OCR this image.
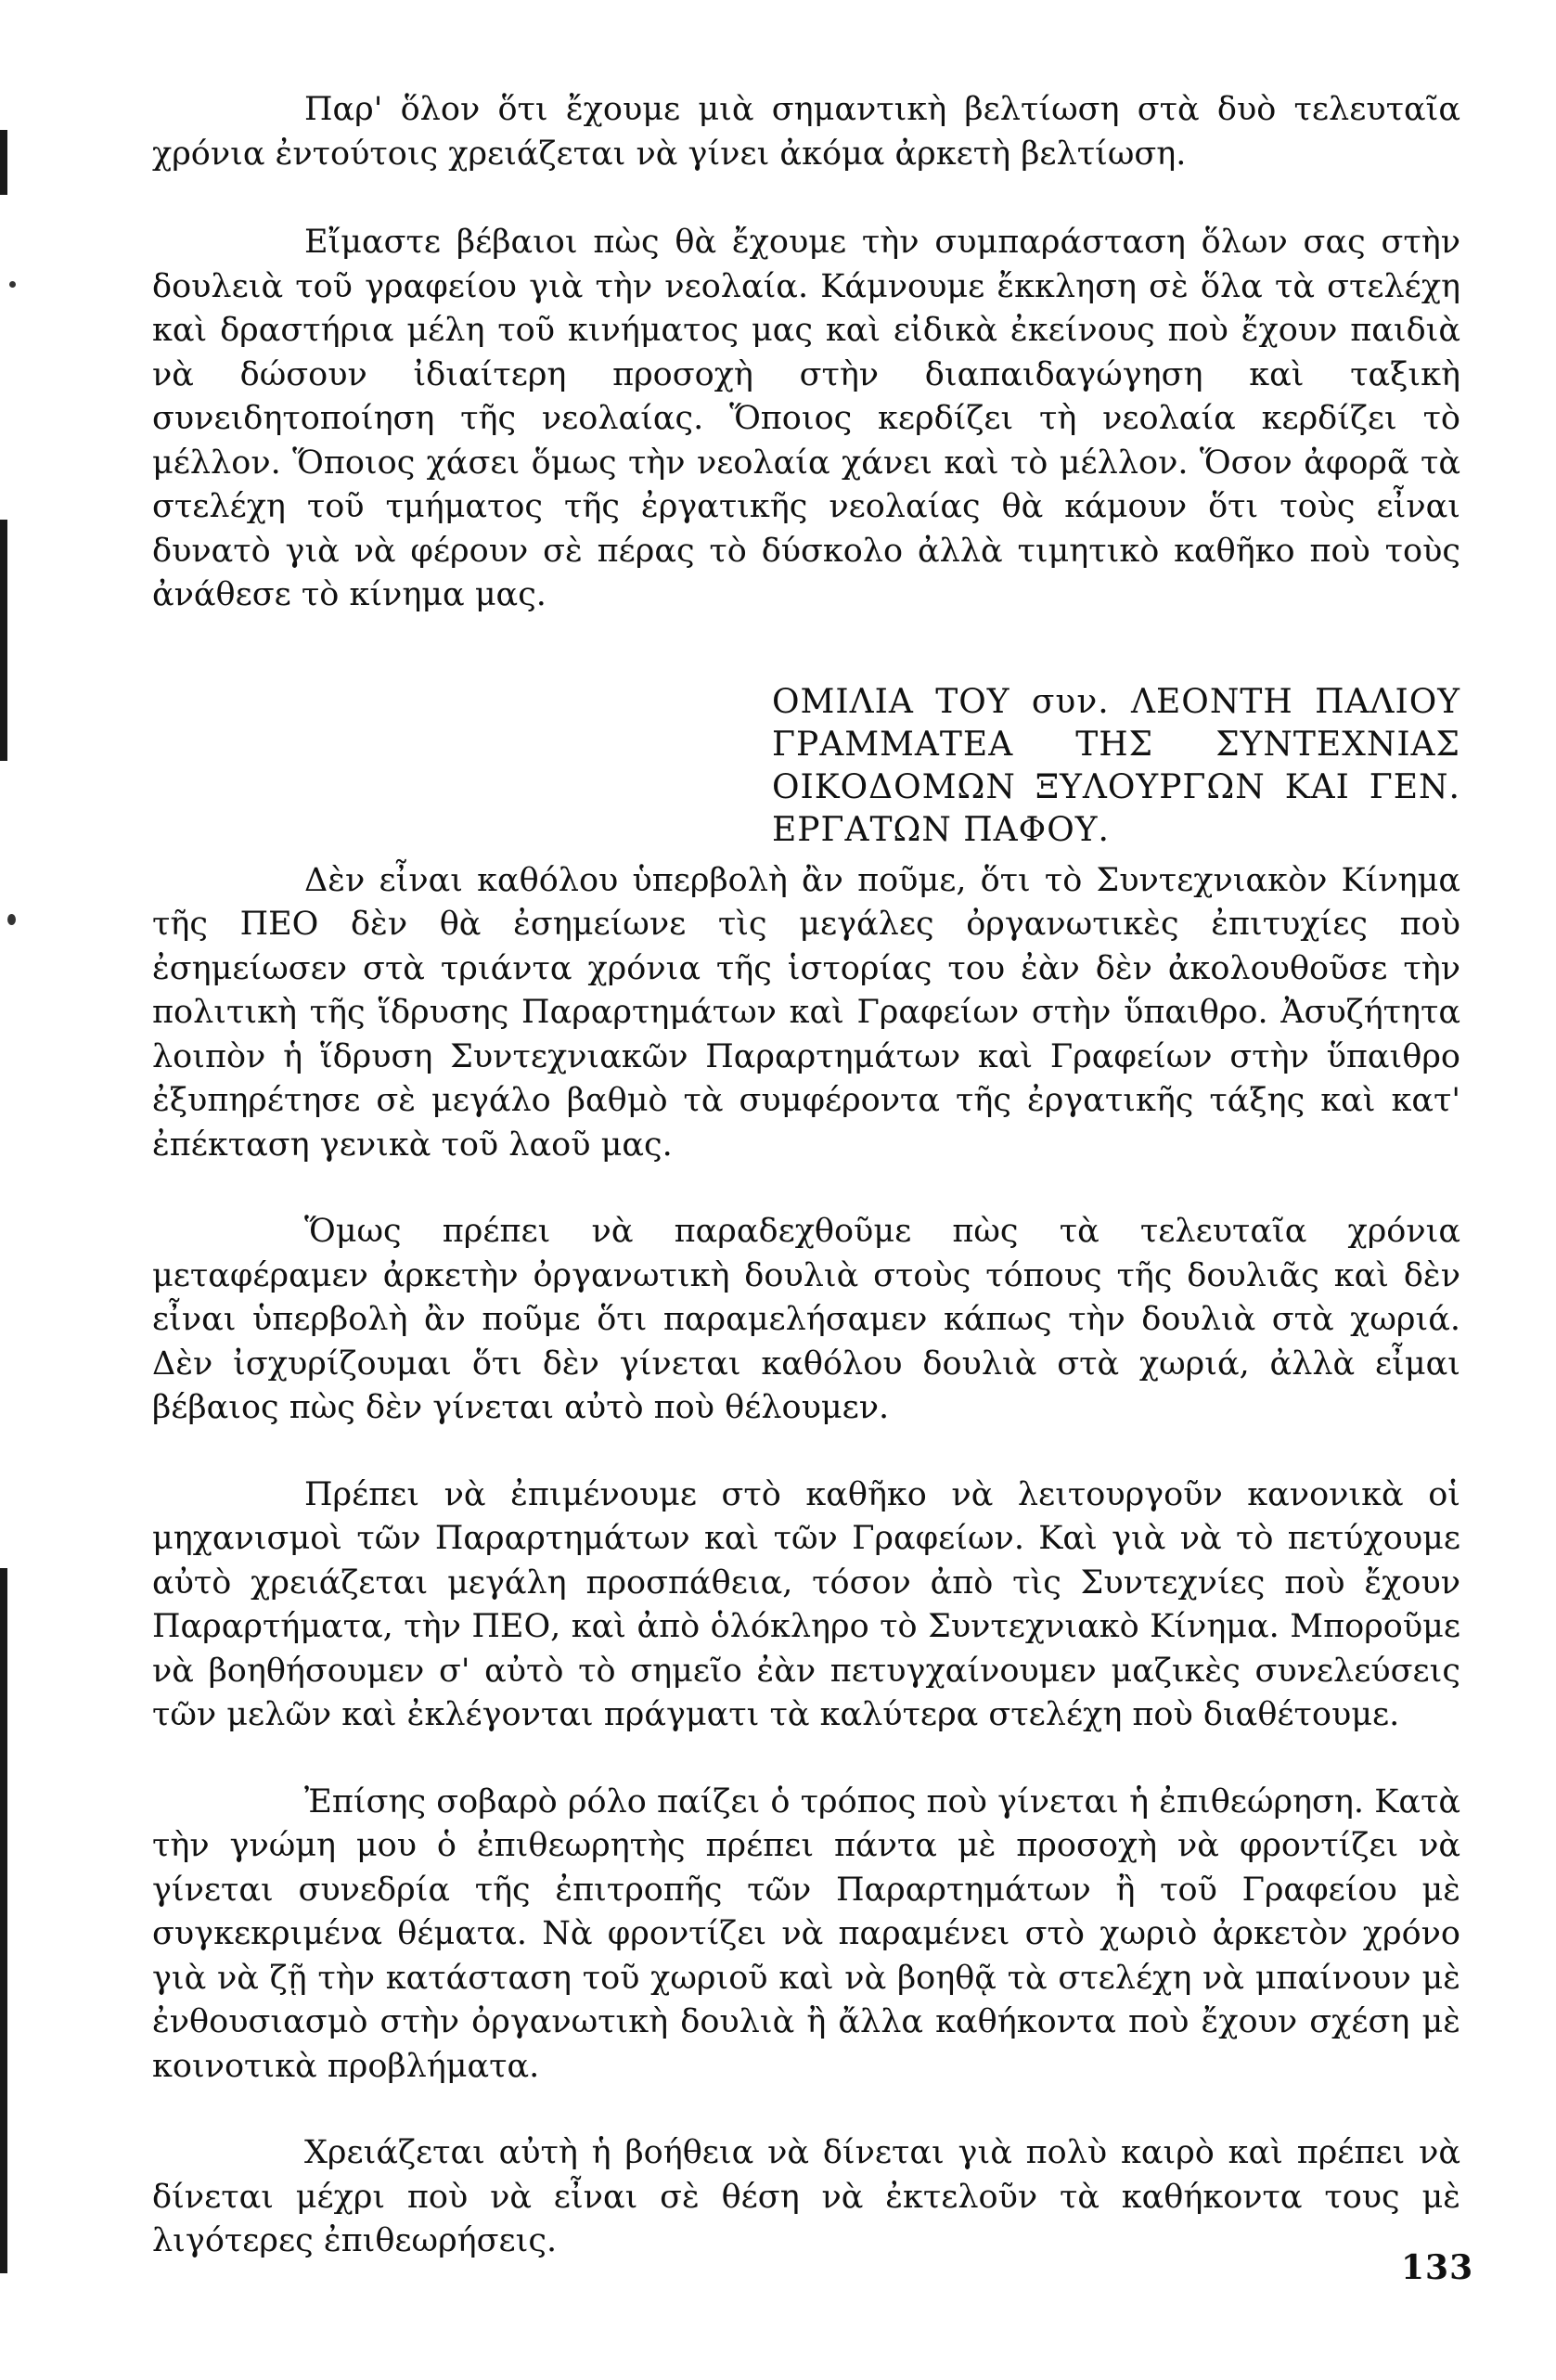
Παρ' ὅλον ὅτι ἔχουμε μιὰ σημαντικὴ βελτίωση στὰ δυὸ τελευταῖα χρόνια ἐντούτοις χρειάζεται νὰ γίνει ἀκόμα ἀρκετὴ βελτίωση.

Εἴμαστε βέβαιοι πὼς θὰ ἔχουμε τὴν συμπαράσταση ὅλων σας στὴν δουλειὰ τοῦ γραφείου γιὰ τὴν νεολαία. Κάμνουμε ἔκκληση σὲ ὅλα τὰ στελέχη καὶ δραστήρια μέλη τοῦ κινήματος μας καὶ εἰδικὰ ἐκείνους ποὺ ἔχουν παιδιὰ νὰ δώσουν ἰδιαίτερη προσοχὴ στὴν διαπαιδαγώγηση καὶ ταξικὴ συνειδητοποίηση τῆς νεολαίας. Ὅποιος κερδίζει τὴ νεολαία κερδίζει τὸ μέλλον. Ὅποιος χάσει ὅμως τὴν νεολαία χάνει καὶ τὸ μέλλον. Ὅσον ἀφορᾶ τὰ στελέχη τοῦ τμήματος τῆς ἐργατικῆς νεολαίας θὰ κάμουν ὅτι τοὺς εἶναι δυνατὸ γιὰ νὰ φέρουν σὲ πέρας τὸ δύσκολο ἀλλὰ τιμητικὸ καθῆκο ποὺ τοὺς ἀνάθεσε τὸ κίνημα μας.

ΟΜΙΛΙΑ ΤΟΥ συν. ΛΕΟΝΤΗ ΠΑΛΙΟΥ ΓΡΑΜΜΑΤΕΑ ΤΗΣ ΣΥΝΤΕΧΝΙΑΣ ΟΙΚΟΔΟΜΩΝ ΞΥΛΟΥΡΓΩΝ ΚΑΙ ΓΕΝ. ΕΡΓΑΤΩΝ ΠΑΦΟΥ.

Δὲν εἶναι καθόλου ὑπερβολὴ ἂν ποῦμε, ὅτι τὸ Συντεχνιακὸν Κίνημα τῆς ΠΕΟ δὲν θὰ ἐσημείωνε τὶς μεγάλες ὀργανωτικὲς ἐπιτυχίες ποὺ ἐσημείωσεν στὰ τριάντα χρόνια τῆς ἱστορίας του ἐὰν δὲν ἀκολουθοῦσε τὴν πολιτικὴ τῆς ἵδρυσης Παραρτημάτων καὶ Γραφείων στὴν ὕπαιθρο. Ἀσυζήτητα λοιπὸν ἡ ἵδρυση Συντεχνιακῶν Παραρτημάτων καὶ Γραφείων στὴν ὕπαιθρο ἐξυπηρέτησε σὲ μεγάλο βαθμὸ τὰ συμφέροντα τῆς ἐργατικῆς τάξης καὶ κατ' ἐπέκταση γενικὰ τοῦ λαοῦ μας.

Ὅμως πρέπει νὰ παραδεχθοῦμε πὼς τὰ τελευταῖα χρόνια μεταφέραμεν ἀρκετὴν ὀργανωτικὴ δουλιὰ στοὺς τόπους τῆς δουλιᾶς καὶ δὲν εἶναι ὑπερβολὴ ἂν ποῦμε ὅτι παραμελήσαμεν κάπως τὴν δουλιὰ στὰ χωριά. Δὲν ἰσχυρίζουμαι ὅτι δὲν γίνεται καθόλου δουλιὰ στὰ χωριά, ἀλλὰ εἶμαι βέβαιος πὼς δὲν γίνεται αὐτὸ ποὺ θέλουμεν.

Πρέπει νὰ ἐπιμένουμε στὸ καθῆκο νὰ λειτουργοῦν κανονικὰ οἱ μηχανισμοὶ τῶν Παραρτημάτων καὶ τῶν Γραφείων. Καὶ γιὰ νὰ τὸ πετύχουμε αὐτὸ χρειάζεται μεγάλη προσπάθεια, τόσον ἀπὸ τὶς Συντεχνίες ποὺ ἔχουν Παραρτήματα, τὴν ΠΕΟ, καὶ ἀπὸ ὁλόκληρο τὸ Συντεχνιακὸ Κίνημα. Μποροῦμε νὰ βοηθήσουμεν σ' αὐτὸ τὸ σημεῖο ἐὰν πετυγχαίνουμεν μαζικὲς συνελεύσεις τῶν μελῶν καὶ ἐκλέγονται πράγματι τὰ καλύτερα στελέχη ποὺ διαθέτουμε.

Ἐπίσης σοβαρὸ ρόλο παίζει ὁ τρόπος ποὺ γίνεται ἡ ἐπιθεώρηση. Κατὰ τὴν γνώμη μου ὁ ἐπιθεωρητὴς πρέπει πάντα μὲ προσοχὴ νὰ φροντίζει νὰ γίνεται συνεδρία τῆς ἐπιτροπῆς τῶν Παραρτημάτων ἢ τοῦ Γραφείου μὲ συγκεκριμένα θέματα. Νὰ φροντίζει νὰ παραμένει στὸ χωριὸ ἀρκετὸν χρόνο γιὰ νὰ ζῇ τὴν κατάσταση τοῦ χωριοῦ καὶ νὰ βοηθᾷ τὰ στελέχη νὰ μπαίνουν μὲ ἐνθουσιασμὸ στὴν ὀργανωτικὴ δουλιὰ ἢ ἄλλα καθήκοντα ποὺ ἔχουν σχέση μὲ κοινοτικὰ προβλήματα.

Χρειάζεται αὐτὴ ἡ βοήθεια νὰ δίνεται γιὰ πολὺ καιρὸ καὶ πρέπει νὰ δίνεται μέχρι ποὺ νὰ εἶναι σὲ θέση νὰ ἐκτελοῦν τὰ καθήκοντα τους μὲ λιγότερες ἐπιθεωρήσεις.

133
